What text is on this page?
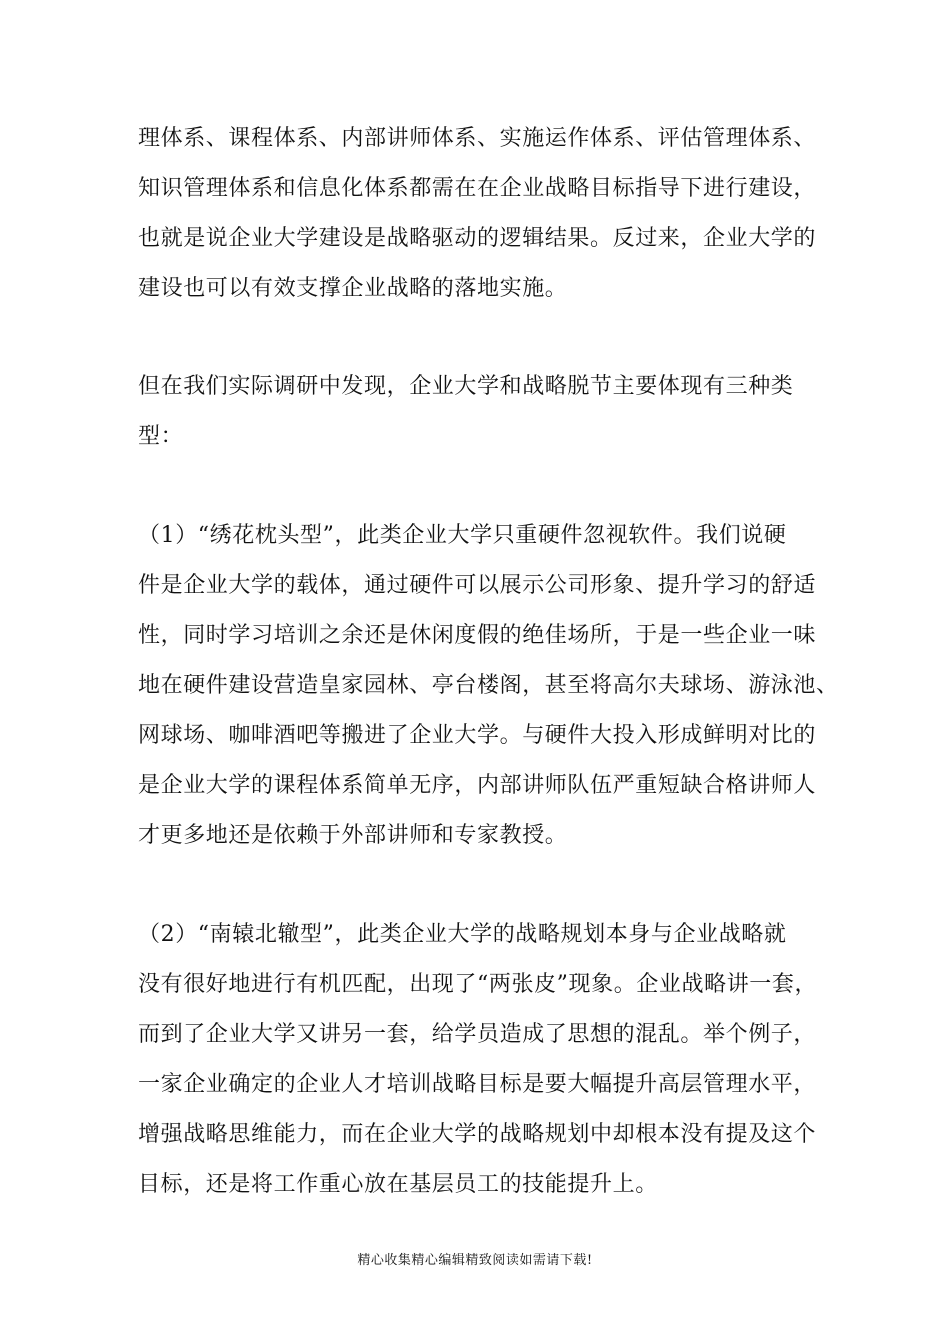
理体系、课程体系、内部讲师体系、实施运作体系、评估管理体系、
知识管理体系和信息化体系都需在在企业战略目标指导下进行建设，
也就是说企业大学建设是战略驱动的逻辑结果。反过来，企业大学的
建设也可以有效支撑企业战略的落地实施。
但在我们实际调研中发现，企业大学和战略脱节主要体现有三种类
型：
（1）“绣花枕头型”，此类企业大学只重硬件忽视软件。我们说硬
件是企业大学的载体，通过硬件可以展示公司形象、提升学习的舒适
性，同时学习培训之余还是休闲度假的绝佳场所，于是一些企业一味
地在硬件建设营造皇家园林、亭台楼阁，甚至将高尔夫球场、游泳池、
网球场、咖啡酒吧等搬进了企业大学。与硬件大投入形成鲜明对比的
是企业大学的课程体系简单无序，内部讲师队伍严重短缺合格讲师人
才更多地还是依赖于外部讲师和专家教授。
（2）“南辕北辙型”，此类企业大学的战略规划本身与企业战略就
没有很好地进行有机匹配，出现了“两张皮”现象。企业战略讲一套，
而到了企业大学又讲另一套，给学员造成了思想的混乱。举个例子，
一家企业确定的企业人才培训战略目标是要大幅提升高层管理水平，
增强战略思维能力，而在企业大学的战略规划中却根本没有提及这个
目标，还是将工作重心放在基层员工的技能提升上。
精心收集精心编辑精致阅读如需请下载!
